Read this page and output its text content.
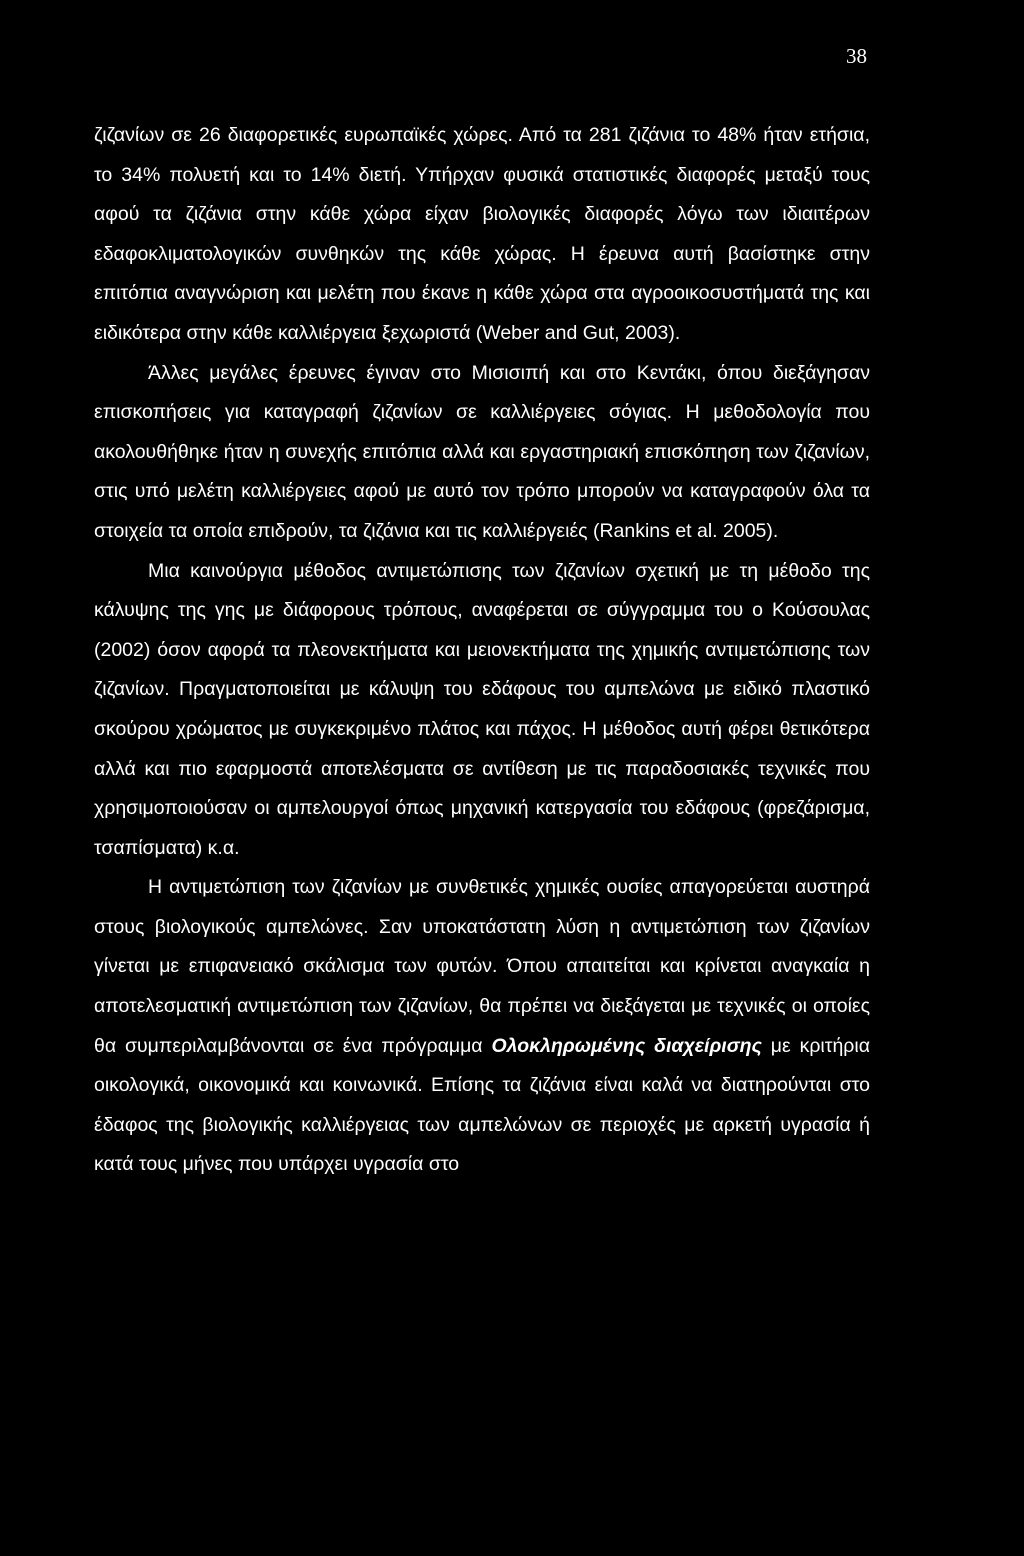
38

ζιζανίων σε 26 διαφορετικές ευρωπαϊκές χώρες. Από τα 281 ζιζάνια το 48% ήταν ετήσια, το 34% πολυετή και το 14% διετή. Υπήρχαν φυσικά στατιστικές διαφορές μεταξύ τους αφού τα ζιζάνια στην κάθε χώρα είχαν βιολογικές διαφορές λόγω των ιδιαιτέρων εδαφοκλιματολογικών συνθηκών της κάθε χώρας. Η έρευνα αυτή βασίστηκε στην επιτόπια αναγνώριση και μελέτη που έκανε η κάθε χώρα στα αγροοικοσυστήματά της και ειδικότερα στην κάθε καλλιέργεια ξεχωριστά (Weber and Gut, 2003).

Άλλες μεγάλες έρευνες έγιναν στο Μισισιπή και στο Κεντάκι, όπου διεξάγησαν επισκοπήσεις για καταγραφή ζιζανίων σε καλλιέργειες σόγιας. Η μεθοδολογία που ακολουθήθηκε ήταν η συνεχής επιτόπια αλλά και εργαστηριακή επισκόπηση των ζιζανίων, στις υπό μελέτη καλλιέργειες αφού με αυτό τον τρόπο μπορούν να καταγραφούν όλα τα στοιχεία τα οποία επιδρούν, τα ζιζάνια και τις καλλιέργειές (Rankins et al. 2005).

Μια καινούργια μέθοδος αντιμετώπισης των ζιζανίων σχετική με τη μέθοδο της κάλυψης της γης με διάφορους τρόπους, αναφέρεται σε σύγγραμμα του ο Κούσουλας (2002) όσον αφορά τα πλεονεκτήματα και μειονεκτήματα της χημικής αντιμετώπισης των ζιζανίων. Πραγματοποιείται με κάλυψη του εδάφους του αμπελώνα με ειδικό πλαστικό σκούρου χρώματος με συγκεκριμένο πλάτος και πάχος. Η μέθοδος αυτή φέρει θετικότερα αλλά και πιο εφαρμοστά αποτελέσματα σε αντίθεση με τις παραδοσιακές τεχνικές που χρησιμοποιούσαν οι αμπελουργοί όπως μηχανική κατεργασία του εδάφους (φρεζάρισμα, τσαπίσματα) κ.α.

Η αντιμετώπιση των ζιζανίων με συνθετικές χημικές ουσίες απαγορεύεται αυστηρά στους βιολογικούς αμπελώνες. Σαν υποκατάστατη λύση η αντιμετώπιση των ζιζανίων γίνεται με επιφανειακό σκάλισμα των φυτών. Όπου απαιτείται και κρίνεται αναγκαία η αποτελεσματική αντιμετώπιση των ζιζανίων, θα πρέπει να διεξάγεται με τεχνικές οι οποίες θα συμπεριλαμβάνονται σε ένα πρόγραμμα Ολοκληρωμένης διαχείρισης με κριτήρια οικολογικά, οικονομικά και κοινωνικά. Επίσης τα ζιζάνια είναι καλά να διατηρούνται στο έδαφος της βιολογικής καλλιέργειας των αμπελώνων σε περιοχές με αρκετή υγρασία ή κατά τους μήνες που υπάρχει υγρασία στο
